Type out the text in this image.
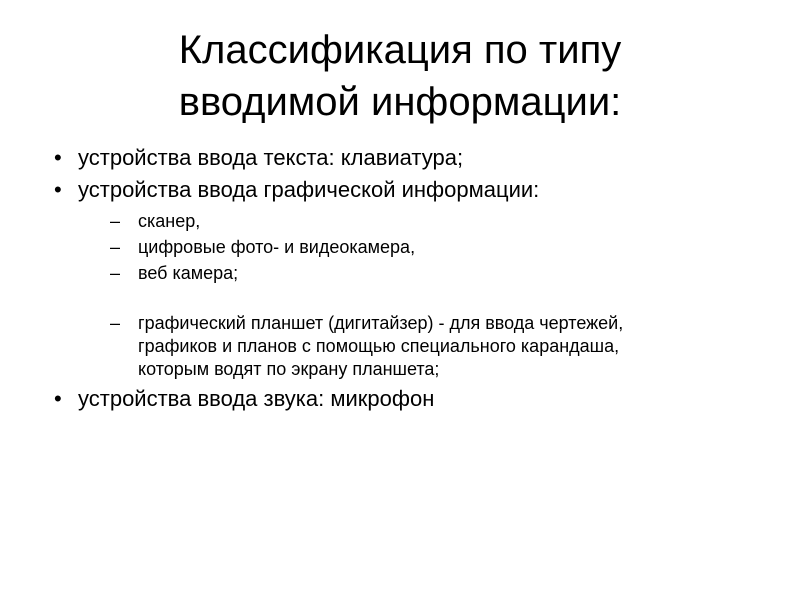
Классификация по типу
вводимой информации:
• устройства ввода текста: клавиатура;
• устройства ввода графической информации:
– сканер,
– цифровые фото- и видеокамера,
– веб камера;
– графический планшет (дигитайзер) - для ввода чертежей,
графиков и планов с помощью специального карандаша,
которым водят по экрану планшета;
• устройства ввода звука: микрофон
